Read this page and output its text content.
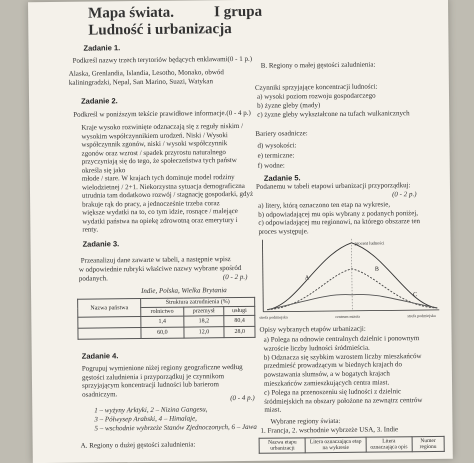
Mapa świata.	I grupa
Ludność i urbanizacja
Zadanie 1.
Podkreśl nazwy trzech terytoriów będących enklawami(0 - 1 p.)
Alaska, Grenlandia, Islandia, Lesotho, Monako, obwód
kaliningradzki, Nepal, San Marino, Suazi, Watykan
Zadanie 2.
Podkreśl w poniższym tekście prawidłowe informacje.(0 - 4 p.)
Kraje wysoko rozwinięte odznaczają się z reguły niskim /
wysokim współczynnikiem urodzeń. Niski / Wysoki
współczynnik zgonów, niski / wysoki współczynnik
zgonów oraz wzrost / spadek przyrostu naturalnego
przyczyniają się do tego, że społeczeństwa tych państw
określa się jako
młode / stare. W krajach tych dominuje model rodziny
wielodzietnej / 2+1. Niekorzystna sytuacja demograficzna
utrudnia tam dodatkowo rozwój / stagnację gospodarki, gdyż
brakuje rąk do pracy, a jednocześnie trzeba coraz
większe wydatki na to, co tym idzie, rosnące / malejące
wydatki państwa na opiekę zdrowotną oraz emerytury i
renty.
Zadanie 3.
Przeanalizuj dane zawarte w tabeli, a następnie wpisz
w odpowiednie rubryki właściwe nazwy wybrane spośród
podanych.	(0 - 2 p.)
Indie, Polska, Wielka Brytania
Nazwa państwa	Struktura zatrudnienia (%)		
	rolnictwo	przemysł	usługi
	1,4	18,2	80,4
	60,0	12,0	28,0
Zadanie 4.
Pogrupuj wymienione niżej regiony geograficzne według
gęstości zaludnienia i przyporządkuj je czynnikom
sprzyjającym koncentracji ludności lub barierom
osadniczym.	(0 - 4 p.)
1 – wyżyny Arktyki, 2 – Nizina Gangesu,
3 – Półwysep Arabski, 4 – Himalaje,
5 – wschodnie wybrzeże Stanów Zjednoczonych, 6 – Jawa
A. Regiony o dużej gęstości zaludnienia:
B. Regiony o małej gęstości zaludnienia:
Czynniki sprzyjające koncentracji ludności:
a) wysoki poziom rozwoju gospodarczego
b) żyzne gleby (mady)
c) żyzne gleby wykształcone na tufach wulkanicznych
Bariery osadnicze:
d) wysokości:
e) termiczne:
f) wodne:
Zadanie 5.
Podanemu w tabeli etapowi urbanizacji przyporządkuj:
(0 - 2 p.)
a) litery, którą oznaczono ten etap na wykresie,
b) odpowiadającej mu opis wybrany z podanych poniżej,
c) odpowiadającej mu regionowi, na którego obszarze ten
proces występuje.
procent ludności
A
B
C
strefa podmiejska	centrum miasta	strefa podmiejska
Opisy wybranych etapów urbanizacji:
a) Polega na odnowie centralnych dzielnic i ponownym
wzroście liczby ludności śródmieścia.
b) Odznacza się szybkim wzrostem liczby mieszkańców
przedmieść prowadzącym w biednych krajach do
powstawania slumsów, a w bogatych krajach
mieszkańców zamieszkujących centra miast.
c) Polega na przenoszeniu się ludności z dzielnic
śródmiejskich na obszary położone na zewnątrz centrów
miast.
Wybrane regiony świata:
1. Francja, 2. wschodnie wybrzeże USA, 3. Indie
Nazwa etapu urbanizacji	Litera oznaczająca etap na wykresie	Litera oznaczająca opis	Numer regionu
